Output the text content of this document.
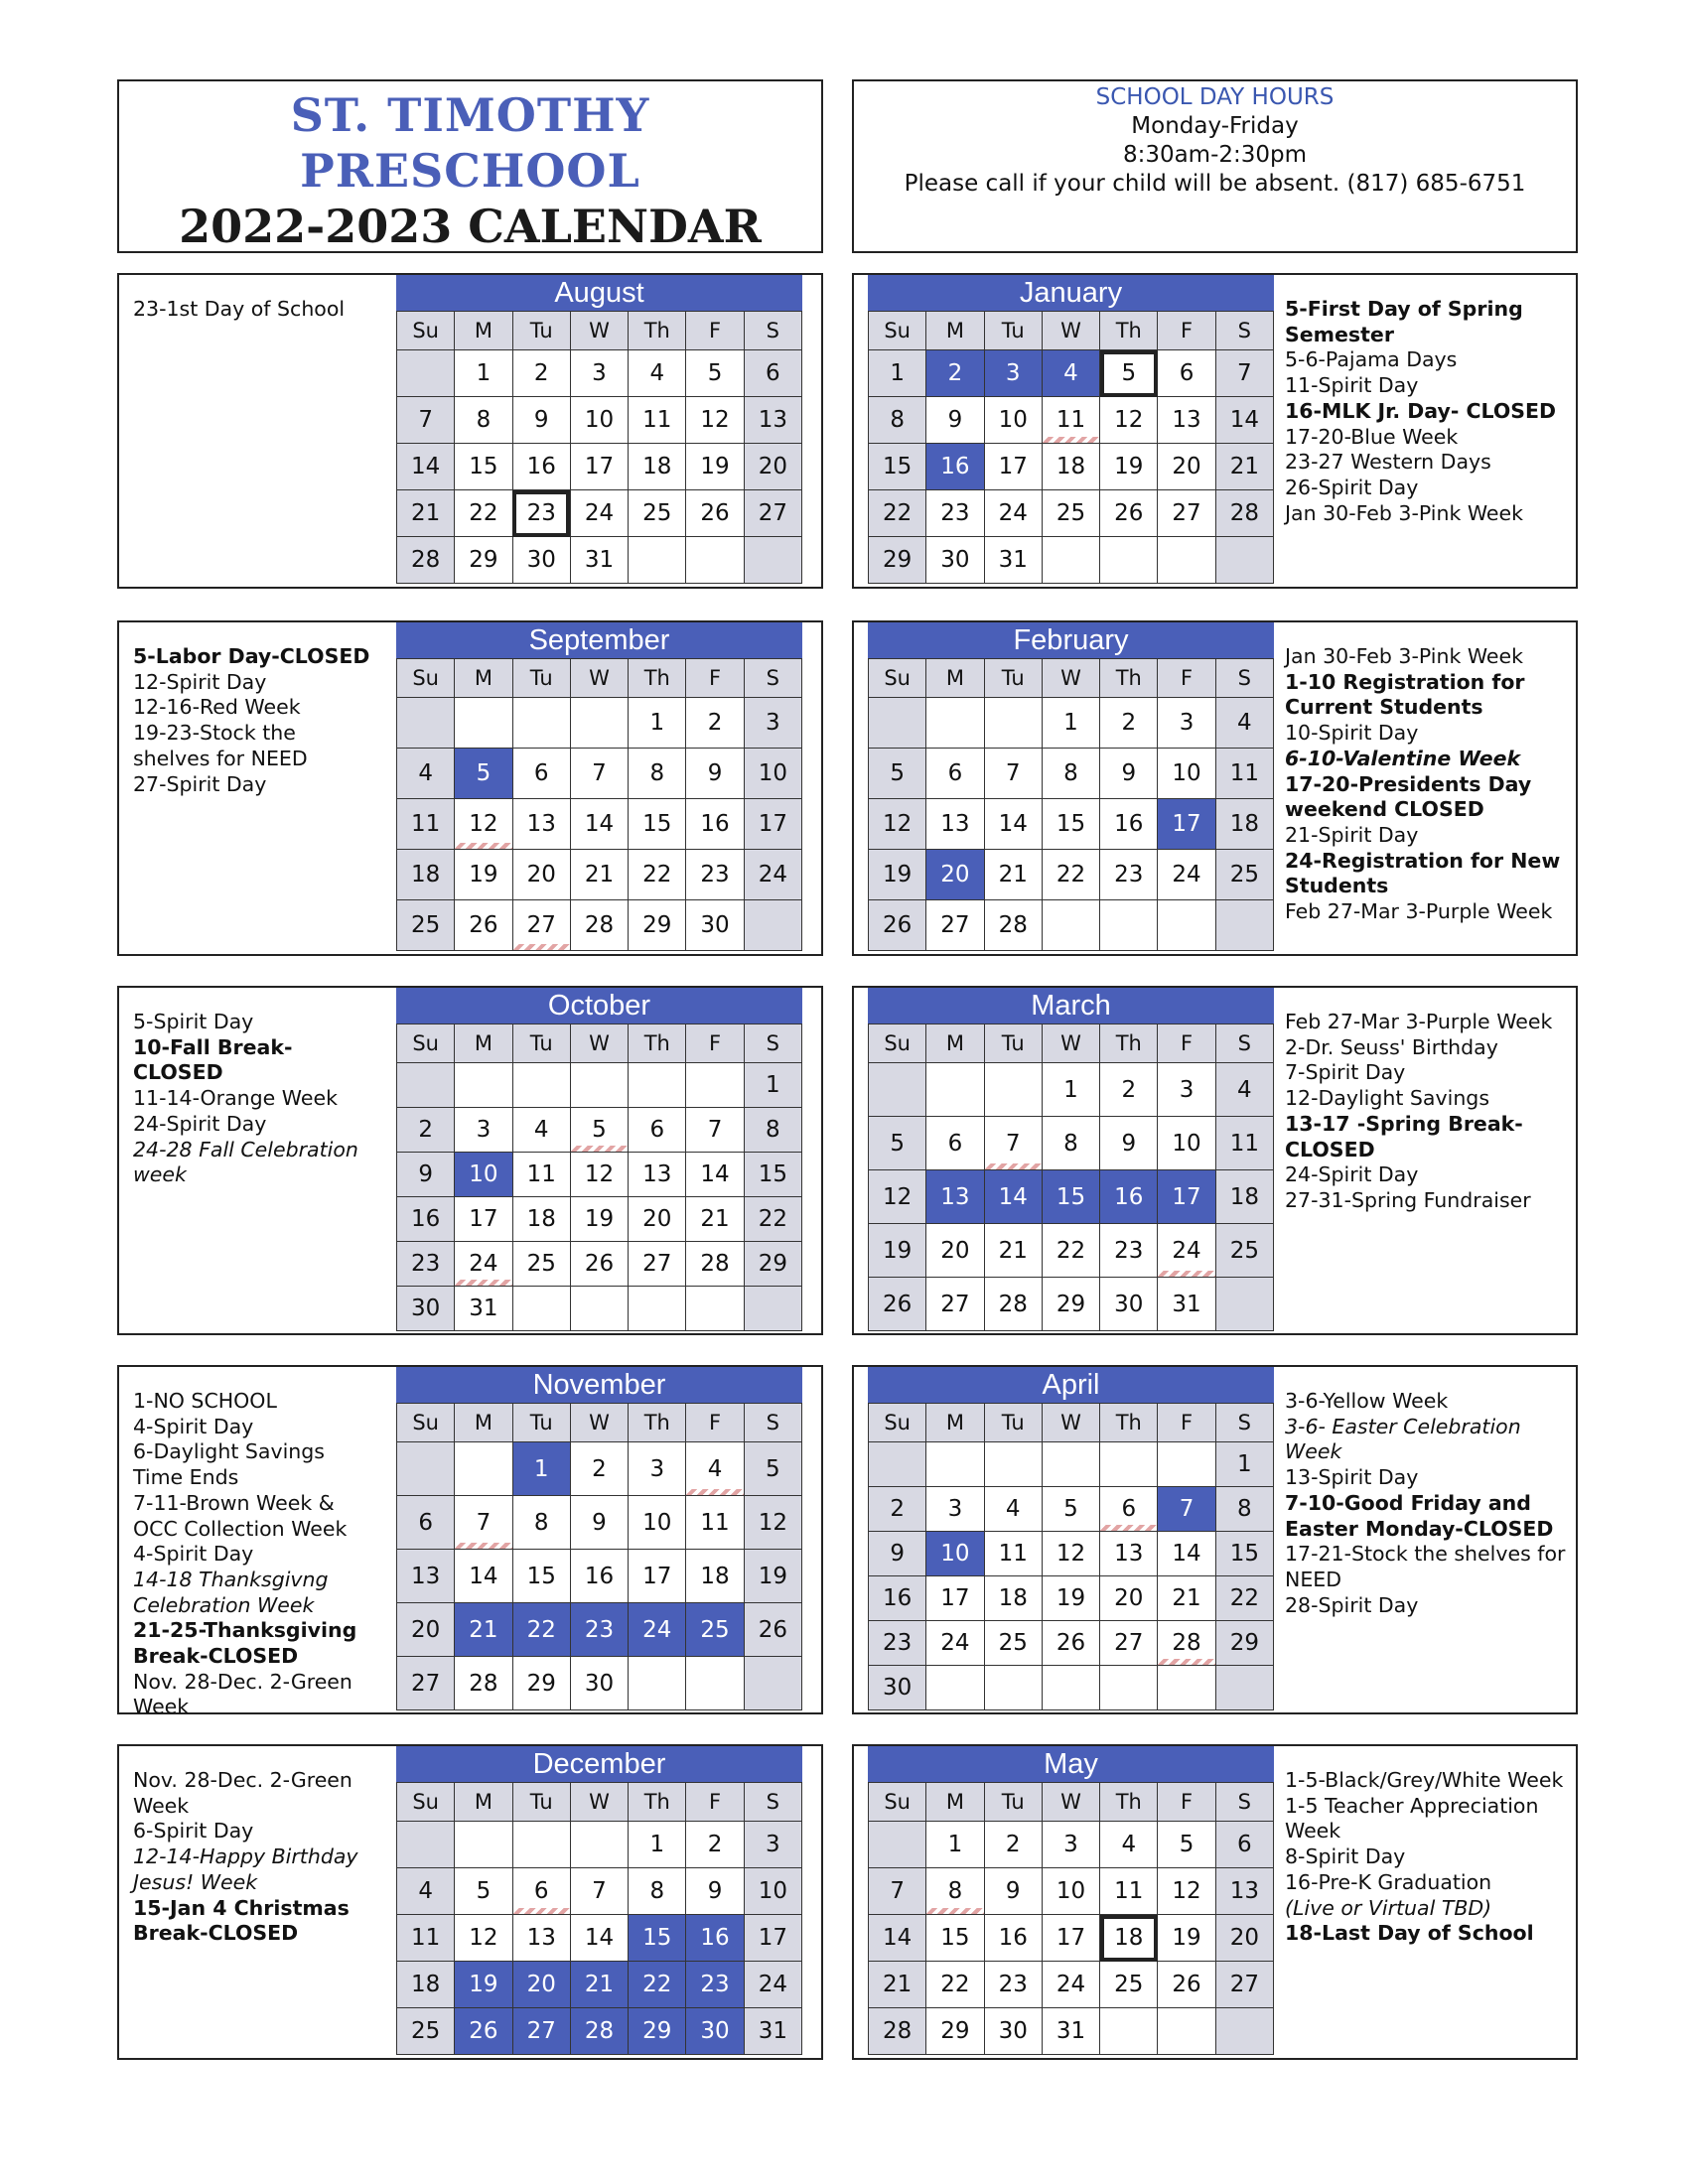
ST. TIMOTHY
PRESCHOOL
2022-2023 CALENDAR
SCHOOL DAY HOURS
Monday-Friday
8:30am-2:30pm
Please call if your child will be absent. (817) 685-6751
23-1st Day of School	August
Su	M	Tu	W	Th	F	S
	1	2	3	4	5	6
7	8	9	10	11	12	13
14	15	16	17	18	19	20
21	22	23	24	25	26	27
28	29	30	31			
5-First Day of Spring Semester
5-6-Pajama Days
11-Spirit Day
16-MLK Jr. Day- CLOSED
17-20-Blue Week
23-27 Western Days
26-Spirit Day
Jan 30-Feb 3-Pink Week
January
Su	M	Tu	W	Th	F	S
1	2	3	4	5	6	7
8	9	10	11	12	13	14
15	16	17	18	19	20	21
22	23	24	25	26	27	28
29	30	31				
5-Labor Day-CLOSED
12-Spirit Day
12-16-Red Week
19-23-Stock the shelves for NEED
27-Spirit Day
September
Su	M	Tu	W	Th	F	S
				1	2	3
4	5	6	7	8	9	10
11	12	13	14	15	16	17
18	19	20	21	22	23	24
25	26	27	28	29	30	
Jan 30-Feb 3-Pink Week
1-10 Registration for Current Students
10-Spirit Day
6-10-Valentine Week
17-20-Presidents Day weekend CLOSED
21-Spirit Day
24-Registration for New Students
Feb 27-Mar 3-Purple Week
February
Su	M	Tu	W	Th	F	S
			1	2	3	4
5	6	7	8	9	10	11
12	13	14	15	16	17	18
19	20	21	22	23	24	25
26	27	28				
5-Spirit Day
10-Fall Break-CLOSED
11-14-Orange Week
24-Spirit Day
24-28 Fall Celebration week
October
Su	M	Tu	W	Th	F	S
						1
2	3	4	5	6	7	8
9	10	11	12	13	14	15
16	17	18	19	20	21	22
23	24	25	26	27	28	29
30	31					
Feb 27-Mar 3-Purple Week
2-Dr. Seuss' Birthday
7-Spirit Day
12-Daylight Savings
13-17 -Spring Break-CLOSED
24-Spirit Day
27-31-Spring Fundraiser
March
Su	M	Tu	W	Th	F	S
			1	2	3	4
5	6	7	8	9	10	11
12	13	14	15	16	17	18
19	20	21	22	23	24	25
26	27	28	29	30	31	
1-NO SCHOOL
4-Spirit Day
6-Daylight Savings Time Ends
7-11-Brown Week & OCC Collection Week
4-Spirit Day
14-18 Thanksgivng Celebration Week
21-25-Thanksgiving Break-CLOSED
Nov. 28-Dec. 2-Green Week
November
Su	M	Tu	W	Th	F	S
		1	2	3	4	5
6	7	8	9	10	11	12
13	14	15	16	17	18	19
20	21	22	23	24	25	26
27	28	29	30			
3-6-Yellow Week
3-6- Easter Celebration Week
13-Spirit Day
7-10-Good Friday and Easter Monday-CLOSED
17-21-Stock the shelves for NEED
28-Spirit Day
April
Su	M	Tu	W	Th	F	S
						1
2	3	4	5	6	7	8
9	10	11	12	13	14	15
16	17	18	19	20	21	22
23	24	25	26	27	28	29
30						
Nov. 28-Dec. 2-Green Week
6-Spirit Day
12-14-Happy Birthday Jesus! Week
15-Jan 4 Christmas Break-CLOSED
December
Su	M	Tu	W	Th	F	S
				1	2	3
4	5	6	7	8	9	10
11	12	13	14	15	16	17
18	19	20	21	22	23	24
25	26	27	28	29	30	31
1-5-Black/Grey/White Week
1-5 Teacher Appreciation Week
8-Spirit Day
16-Pre-K Graduation
(Live or Virtual TBD)
18-Last Day of School
May
Su	M	Tu	W	Th	F	S
	1	2	3	4	5	6
7	8	9	10	11	12	13
14	15	16	17	18	19	20
21	22	23	24	25	26	27
28	29	30	31			
